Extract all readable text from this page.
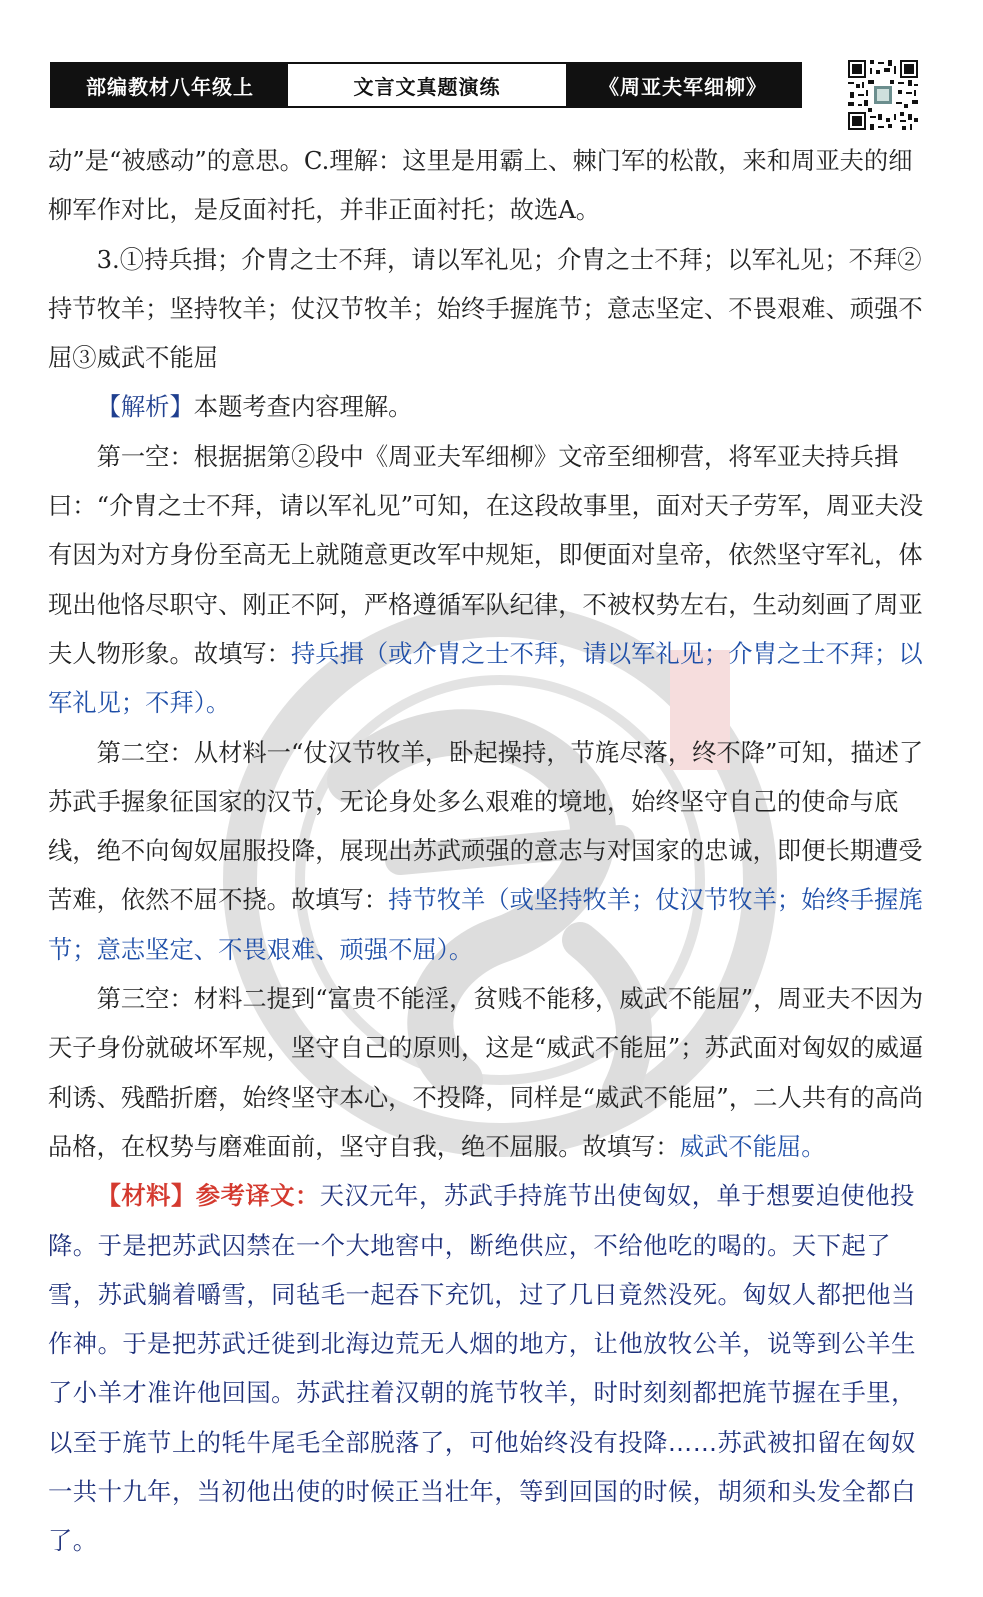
部编教材八年级上	文言文真题演练	《周亚夫军细柳》

动”是“被感动”的意思。C.理解：这里是用霸上、棘门军的松散，来和周亚夫的细柳军作对比，是反面衬托，并非正面衬托；故选A。

3.①持兵揖；介胄之士不拜，请以军礼见；介胄之士不拜；以军礼见；不拜②持节牧羊；坚持牧羊；仗汉节牧羊；始终手握旄节；意志坚定、不畏艰难、顽强不屈③威武不能屈

【解析】本题考查内容理解。

第一空：根据据第②段中《周亚夫军细柳》文帝至细柳营，将军亚夫持兵揖曰：“介胄之士不拜，请以军礼见”可知，在这段故事里，面对天子劳军，周亚夫没有因为对方身份至高无上就随意更改军中规矩，即便面对皇帝，依然坚守军礼，体现出他恪尽职守、刚正不阿，严格遵循军队纪律，不被权势左右，生动刻画了周亚夫人物形象。故填写：持兵揖（或介胄之士不拜，请以军礼见；介胄之士不拜；以军礼见；不拜）。

第二空：从材料一“仗汉节牧羊，卧起操持，节旄尽落，终不降”可知，描述了苏武手握象征国家的汉节，无论身处多么艰难的境地，始终坚守自己的使命与底线，绝不向匈奴屈服投降，展现出苏武顽强的意志与对国家的忠诚，即便长期遭受苦难，依然不屈不挠。故填写：持节牧羊（或坚持牧羊；仗汉节牧羊；始终手握旄节；意志坚定、不畏艰难、顽强不屈）。

第三空：材料二提到“富贵不能淫，贫贱不能移，威武不能屈”，周亚夫不因为天子身份就破坏军规，坚守自己的原则，这是“威武不能屈”；苏武面对匈奴的威逼利诱、残酷折磨，始终坚守本心，不投降，同样是“威武不能屈”，二人共有的高尚品格，在权势与磨难面前，坚守自我，绝不屈服。故填写：威武不能屈。

【材料】参考译文：天汉元年，苏武手持旄节出使匈奴，单于想要迫使他投降。于是把苏武囚禁在一个大地窖中，断绝供应，不给他吃的喝的。天下起了雪，苏武躺着嚼雪，同毡毛一起吞下充饥，过了几日竟然没死。匈奴人都把他当作神。于是把苏武迁徙到北海边荒无人烟的地方，让他放牧公羊，说等到公羊生了小羊才准许他回国。苏武拄着汉朝的旄节牧羊，时时刻刻都把旄节握在手里，以至于旄节上的牦牛尾毛全部脱落了，可他始终没有投降……苏武被扣留在匈奴一共十九年，当初他出使的时候正当壮年，等到回国的时候，胡须和头发全都白了。
